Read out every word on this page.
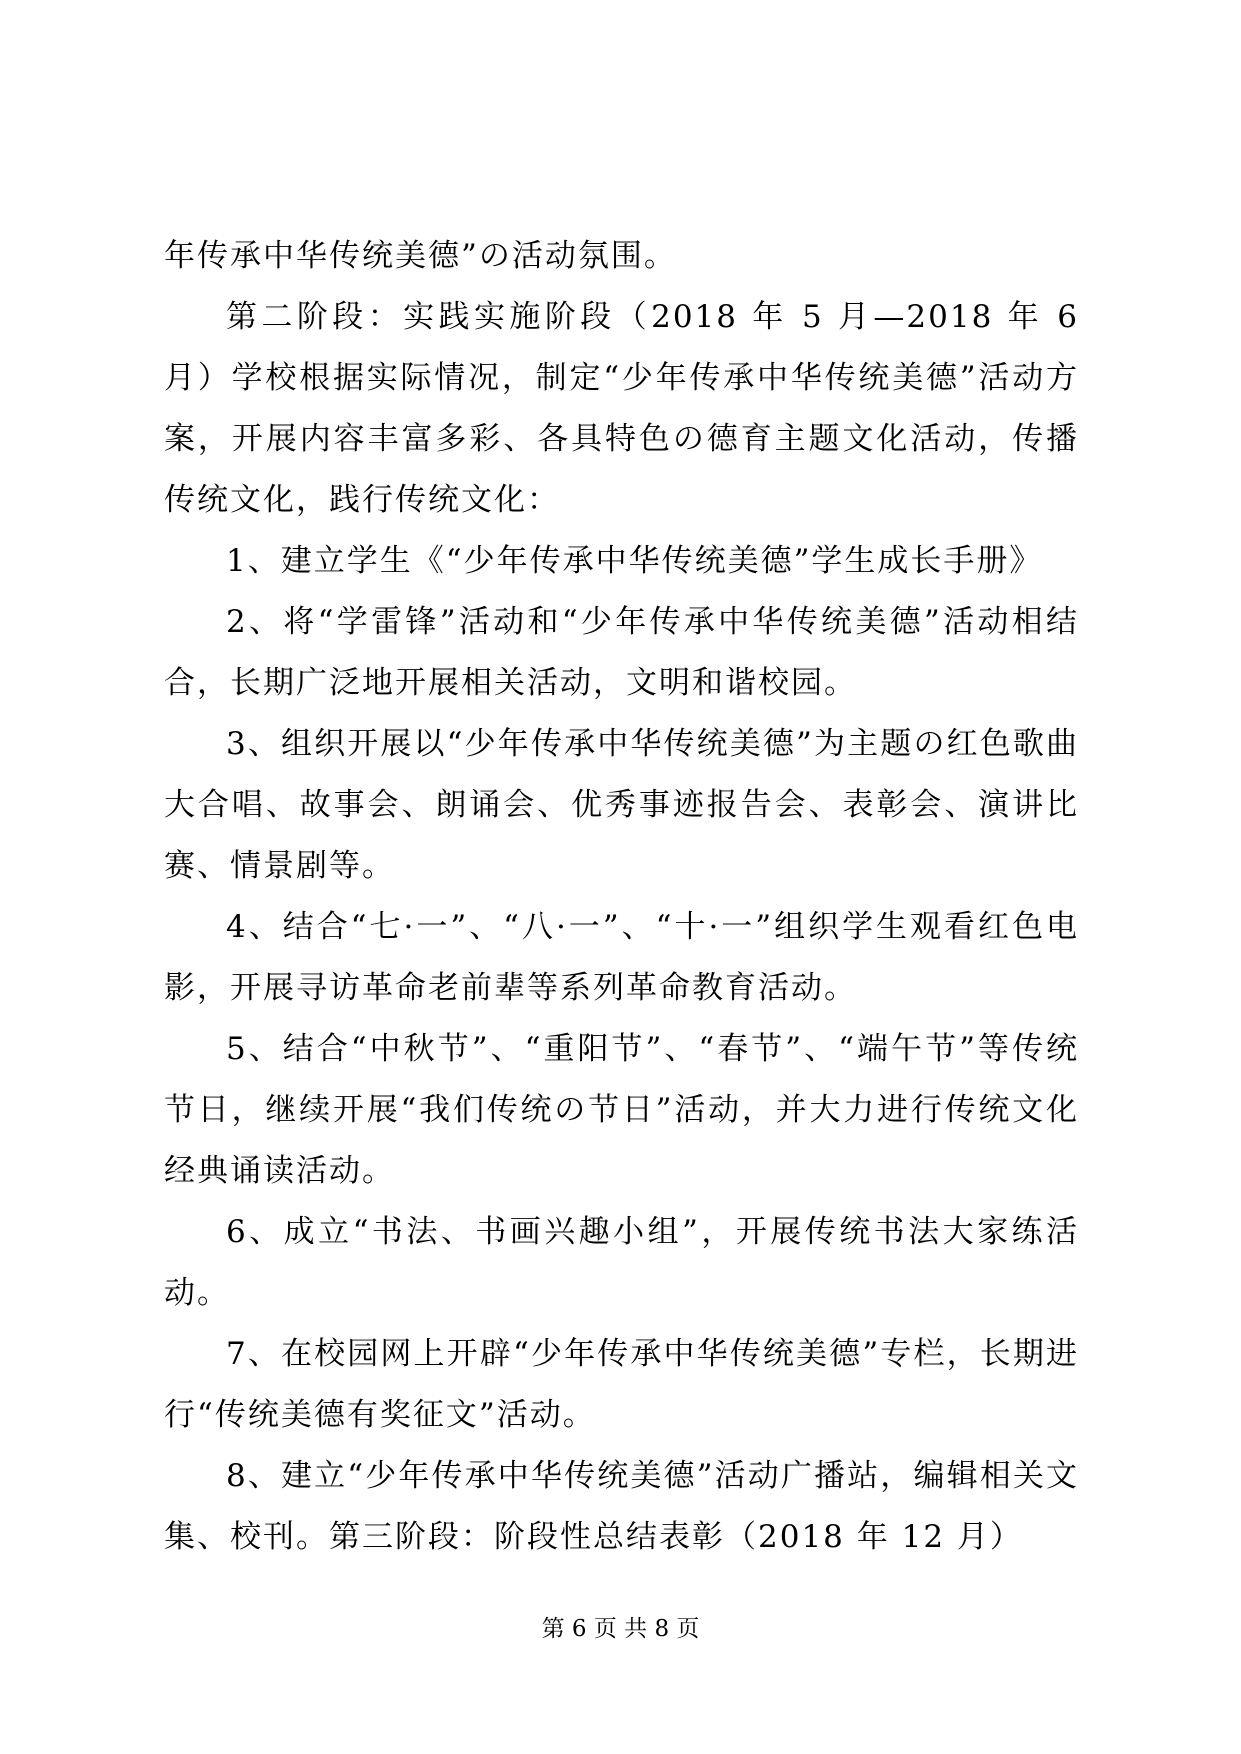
年传承中华传统美德”の活动氛围。

第二阶段：实践实施阶段（2018 年 5 月—2018 年 6 月）学校根据实际情况，制定“少年传承中华传统美德”活动方案，开展内容丰富多彩、各具特色の德育主题文化活动，传播传统文化，践行传统文化：

1、建立学生《“少年传承中华传统美德”学生成长手册》

2、将“学雷锋”活动和“少年传承中华传统美德”活动相结合，长期广泛地开展相关活动，文明和谐校园。

3、组织开展以“少年传承中华传统美德”为主题の红色歌曲大合唱、故事会、朗诵会、优秀事迹报告会、表彰会、演讲比赛、情景剧等。

4、结合“七·一”、“八·一”、“十·一”组织学生观看红色电影，开展寻访革命老前辈等系列革命教育活动。

5、结合“中秋节”、“重阳节”、“春节”、“端午节”等传统节日，继续开展“我们传统の节日”活动，并大力进行传统文化经典诵读活动。

6、成立“书法、书画兴趣小组”，开展传统书法大家练活动。

7、在校园网上开辟“少年传承中华传统美德”专栏，长期进行“传统美德有奖征文”活动。

8、建立“少年传承中华传统美德”活动广播站，编辑相关文集、校刊。第三阶段：阶段性总结表彰（2018 年 12 月）

第 6 页 共 8 页
